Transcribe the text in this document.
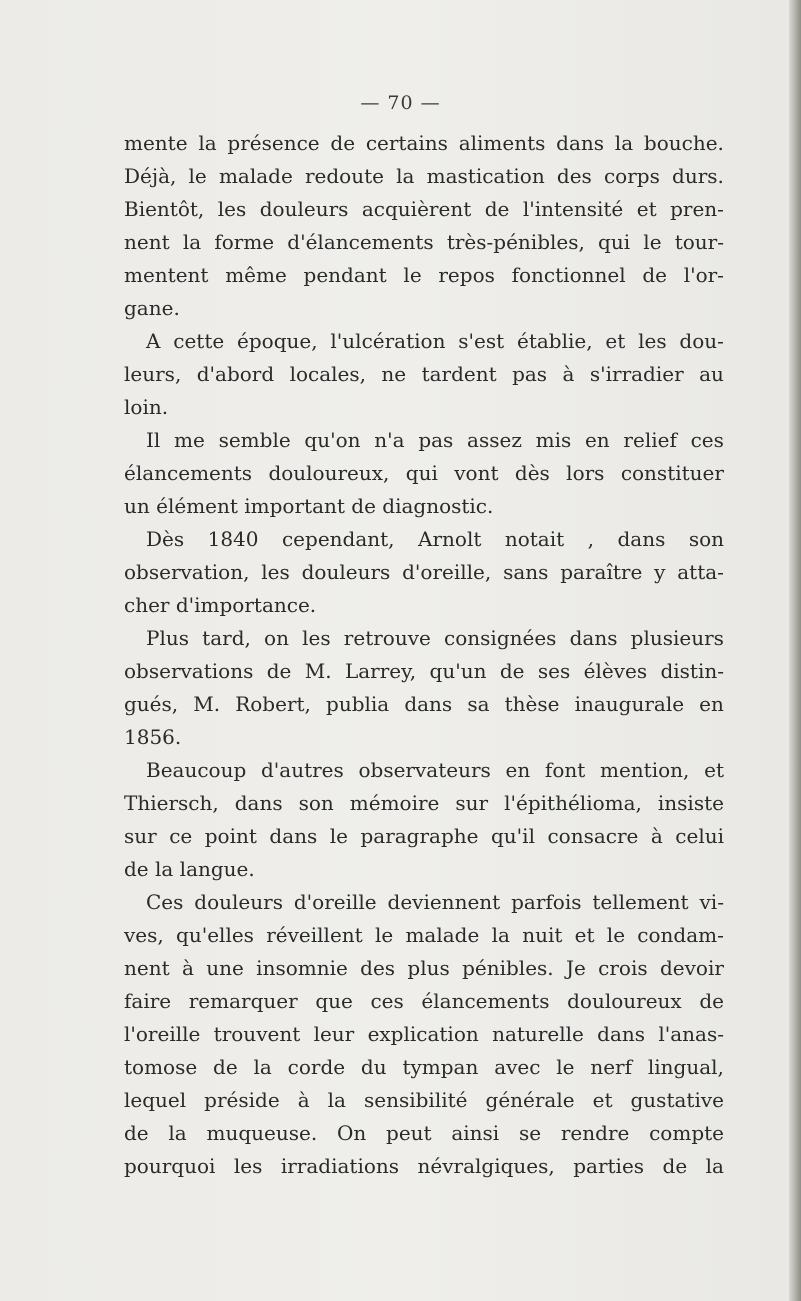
— 70 —
mente la présence de certains aliments dans la bouche.
Déjà, le malade redoute la mastication des corps durs.
Bientôt, les douleurs acquièrent de l'intensité et pren-
nent la forme d'élancements très-pénibles, qui le tour-
mentent même pendant le repos fonctionnel de l'or-
gane.
A cette époque, l'ulcération s'est établie, et les dou-
leurs, d'abord locales, ne tardent pas à s'irradier au
loin.
Il me semble qu'on n'a pas assez mis en relief ces
élancements douloureux, qui vont dès lors constituer
un élément important de diagnostic.
Dès 1840 cependant, Arnolt notait , dans son
observation, les douleurs d'oreille, sans paraître y atta-
cher d'importance.
Plus tard, on les retrouve consignées dans plusieurs
observations de M. Larrey, qu'un de ses élèves distin-
gués, M. Robert, publia dans sa thèse inaugurale en
1856.
Beaucoup d'autres observateurs en font mention, et
Thiersch, dans son mémoire sur l'épithélioma, insiste
sur ce point dans le paragraphe qu'il consacre à celui
de la langue.
Ces douleurs d'oreille deviennent parfois tellement vi-
ves, qu'elles réveillent le malade la nuit et le condam-
nent à une insomnie des plus pénibles. Je crois devoir
faire remarquer que ces élancements douloureux de
l'oreille trouvent leur explication naturelle dans l'anas-
tomose de la corde du tympan avec le nerf lingual,
lequel préside à la sensibilité générale et gustative
de la muqueuse. On peut ainsi se rendre compte
pourquoi les irradiations névralgiques, parties de la
